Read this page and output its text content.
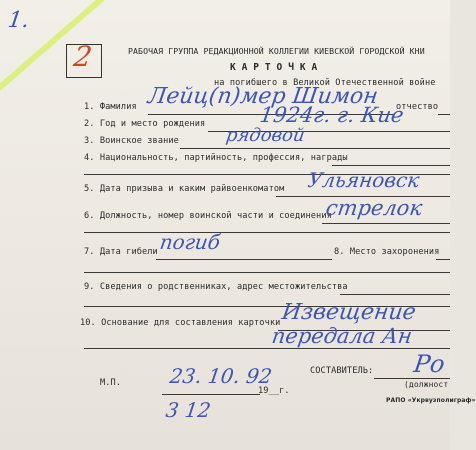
1.
2	РАБОЧАЯ ГРУППА РЕДАКЦИОННОЙ КОЛЛЕГИИ КИЕВСКОЙ ГОРОДСКОЙ КНИ
К А Р Т О Ч К А
на погибшего в Великой Отечественной войне
1. Фамилия Лейц(п)мер Шимон отчество
2. Год и место рождения	1924г. г. Кие
3. Воинское звание	рядовой
4. Национальность, партийность, профессия, награды
5. Дата призыва и каким райвоенкоматом Ульяновск
6. Должность, номер воинской части и соединения
стрелок
7. Дата гибели погиб	8. Место захоронения
9. Сведения о родственниках, адрес местожительства
10. Основание для составления карточки Извещение
передала Ан
СОСТАВИТЕЛЬ: Ро
(должност
М.П. 23. 10. 92
19__г.
3 12	РАПО «Укрвузполиграф»
